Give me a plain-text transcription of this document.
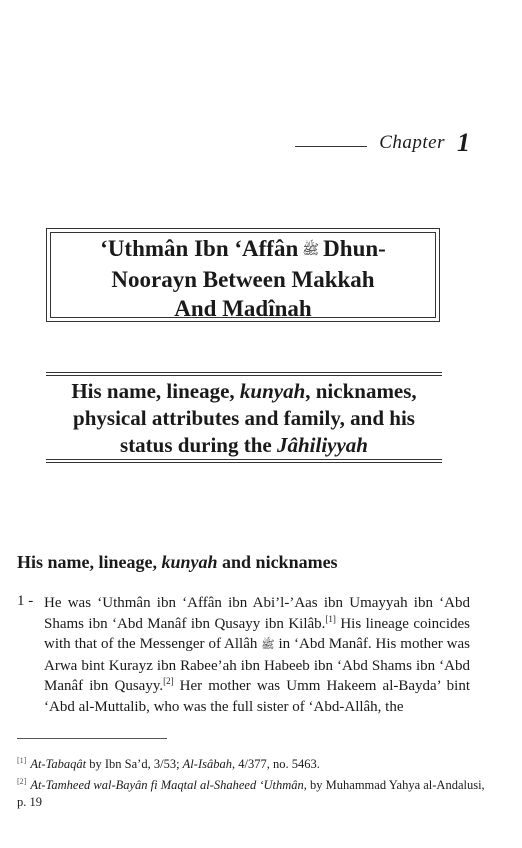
Chapter 1
‘Uthmân Ibn ‘Affân ﷺ Dhun-
Noorayn Between Makkah
And Madînah
His name, lineage, kunyah, nicknames,
physical attributes and family, and his
status during the Jâhiliyyah
His name, lineage, kunyah and nicknames
1 - He was ‘Uthmân ibn ‘Affân ibn Abi’l-’Aas ibn Umayyah ibn ‘Abd Shams ibn ‘Abd Manâf ibn Qusayy ibn Kilâb.[1] His lineage coincides with that of the Messenger of Allâh ﷺ in ‘Abd Manâf. His mother was Arwa bint Kurayz ibn Rabee’ah ibn Habeeb ibn ‘Abd Shams ibn ‘Abd Manâf ibn Qusayy.[2] Her mother was Umm Hakeem al-Bayda’ bint ‘Abd al-Muttalib, who was the full sister of ‘Abd-Allâh, the
[1] At-Tabaqât by Ibn Sa’d, 3/53; Al-Isâbah, 4/377, no. 5463.
[2] At-Tamheed wal-Bayân fi Maqtal al-Shaheed ‘Uthmân, by Muhammad Yahya al-Andalusi, p. 19
